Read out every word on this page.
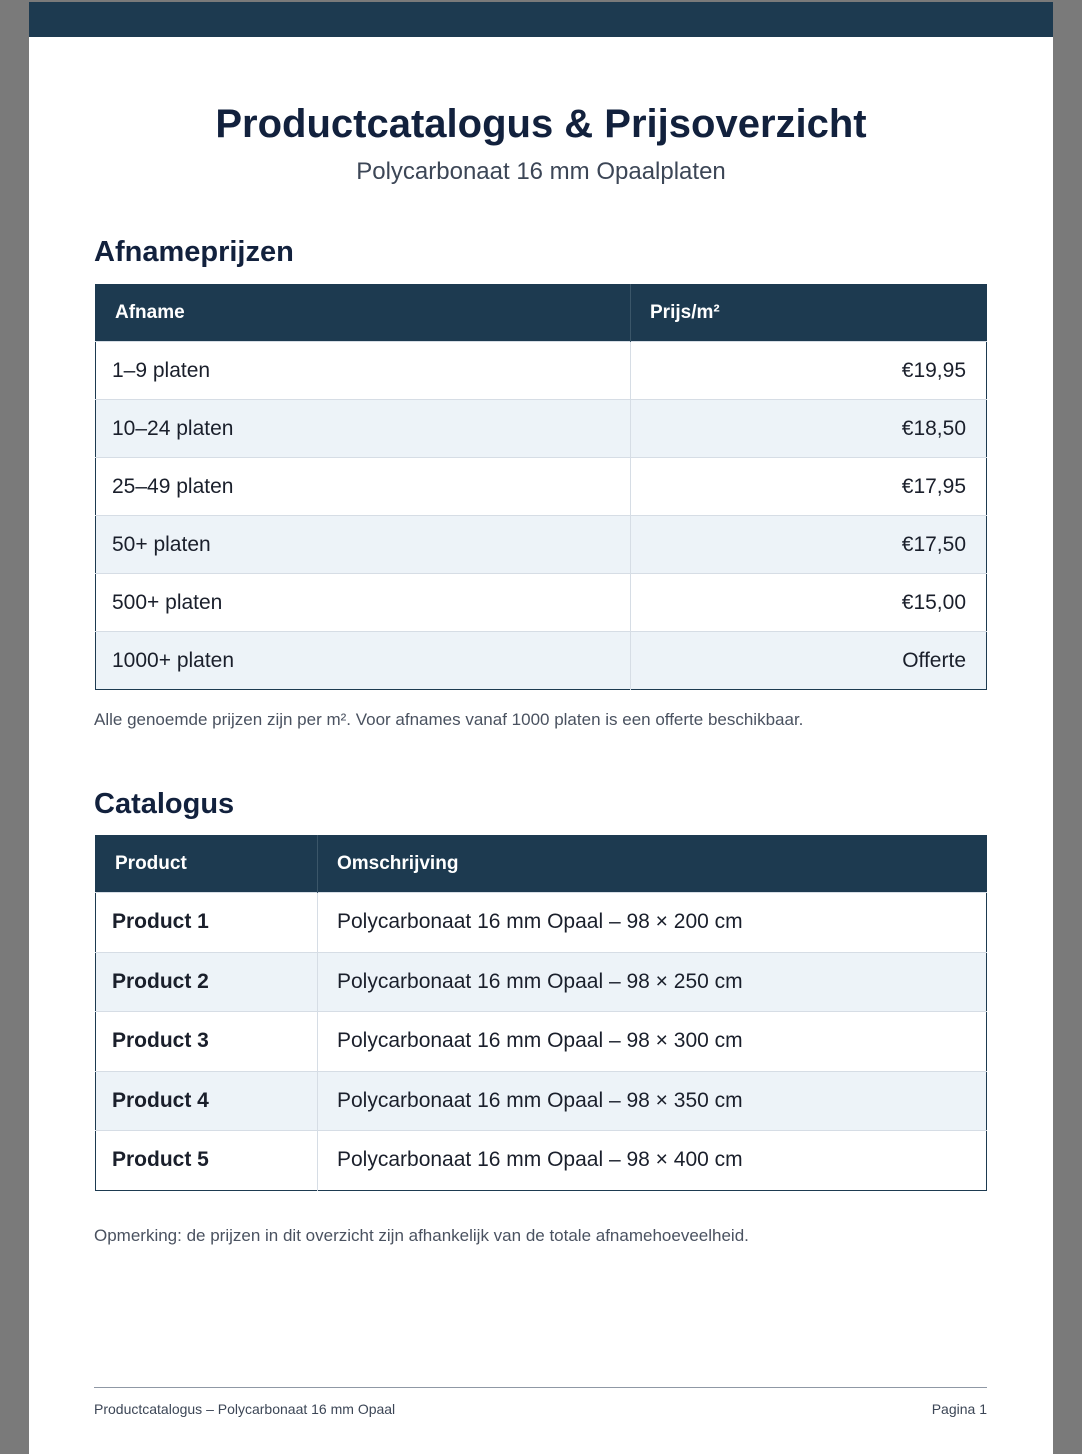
Productcatalogus & Prijsoverzicht
Polycarbonaat 16 mm Opaalplaten
Afnameprijzen
Afname	Prijs/m²
1–9 platen	€19,95
10–24 platen	€18,50
25–49 platen	€17,95
50+ platen	€17,50
500+ platen	€15,00
1000+ platen	Offerte

Alle genoemde prijzen zijn per m². Voor afnames vanaf 1000 platen is een offerte beschikbaar.

Catalogus
Product	Omschrijving
Product 1	Polycarbonaat 16 mm Opaal – 98 × 200 cm
Product 2	Polycarbonaat 16 mm Opaal – 98 × 250 cm
Product 3	Polycarbonaat 16 mm Opaal – 98 × 300 cm
Product 4	Polycarbonaat 16 mm Opaal – 98 × 350 cm
Product 5	Polycarbonaat 16 mm Opaal – 98 × 400 cm

Opmerking: de prijzen in dit overzicht zijn afhankelijk van de totale afnamehoeveelheid.

Productcatalogus – Polycarbonaat 16 mm Opaal	Pagina 1
